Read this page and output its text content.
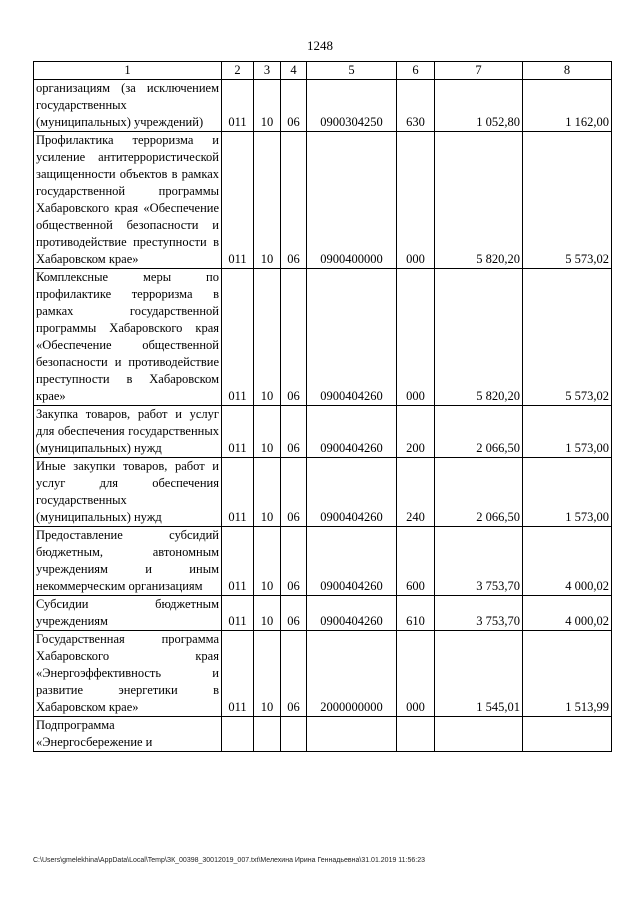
1248
1	2	3	4	5	6	7	8
организациям (за исключением государственных (муниципальных) учреждений)	011	10	06	0900304250	630	1 052,80	1 162,00
Профилактика терроризма и усиление антитеррористической защищенности объектов в рамках государственной программы Хабаровского края «Обеспечение общественной безопасности и противодействие преступности в Хабаровском крае»	011	10	06	0900400000	000	5 820,20	5 573,02
Комплексные меры по профилактике терроризма в рамках государственной программы Хабаровского края «Обеспечение общественной безопасности и противодействие преступности в Хабаровском крае»	011	10	06	0900404260	000	5 820,20	5 573,02
Закупка товаров, работ и услуг для обеспечения государственных (муниципальных) нужд	011	10	06	0900404260	200	2 066,50	1 573,00
Иные закупки товаров, работ и услуг для обеспечения государственных (муниципальных) нужд	011	10	06	0900404260	240	2 066,50	1 573,00
Предоставление субсидий бюджетным, автономным учреждениям и иным некоммерческим организациям	011	10	06	0900404260	600	3 753,70	4 000,02
Субсидии бюджетным учреждениям	011	10	06	0900404260	610	3 753,70	4 000,02
Государственная программа Хабаровского края «Энергоэффективность и развитие энергетики в Хабаровском крае»	011	10	06	2000000000	000	1 545,01	1 513,99
Подпрограмма «Энергосбережение и							
C:\Users\gmelekhina\AppData\Local\Temp\ЗК_00398_30012019_007.txt\Мелехина Ирина Геннадьевна\31.01.2019 11:56:23
